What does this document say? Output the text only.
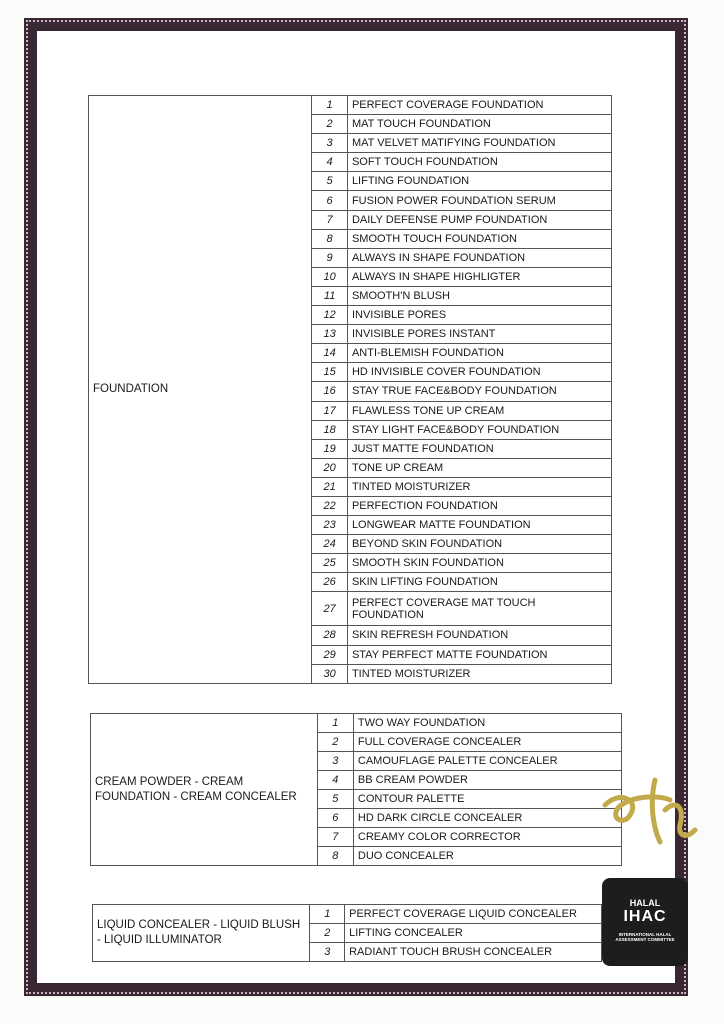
FOUNDATION	1	PERFECT COVERAGE FOUNDATION
	2	MAT TOUCH FOUNDATION
	3	MAT VELVET MATIFYING FOUNDATION
	4	SOFT TOUCH FOUNDATION
	5	LIFTING FOUNDATION
	6	FUSION POWER FOUNDATION SERUM
	7	DAILY DEFENSE PUMP FOUNDATION
	8	SMOOTH TOUCH FOUNDATION
	9	ALWAYS IN SHAPE FOUNDATION
	10	ALWAYS IN SHAPE HIGHLIGTER
	11	SMOOTH'N BLUSH
	12	INVISIBLE PORES
	13	INVISIBLE PORES INSTANT
	14	ANTI-BLEMISH FOUNDATION
	15	HD INVISIBLE COVER FOUNDATION
	16	STAY TRUE FACE&BODY FOUNDATION
	17	FLAWLESS TONE UP CREAM
	18	STAY LIGHT FACE&BODY FOUNDATION
	19	JUST MATTE FOUNDATION
	20	TONE UP CREAM
	21	TINTED MOISTURIZER
	22	PERFECTION FOUNDATION
	23	LONGWEAR MATTE FOUNDATION
	24	BEYOND SKIN FOUNDATION
	25	SMOOTH SKIN FOUNDATION
	26	SKIN LIFTING FOUNDATION
	27	PERFECT COVERAGE MAT TOUCH FOUNDATION
	28	SKIN REFRESH FOUNDATION
	29	STAY PERFECT MATTE FOUNDATION
	30	TINTED MOISTURIZER
CREAM POWDER - CREAM FOUNDATION - CREAM CONCEALER	1	TWO WAY FOUNDATION
	2	FULL COVERAGE CONCEALER
	3	CAMOUFLAGE PALETTE CONCEALER
	4	BB CREAM POWDER
	5	CONTOUR PALETTE
	6	HD DARK CIRCLE CONCEALER
	7	CREAMY COLOR CORRECTOR
	8	DUO CONCEALER
LIQUID CONCEALER - LIQUID BLUSH - LIQUID ILLUMINATOR	1	PERFECT COVERAGE LIQUID CONCEALER
	2	LIFTING CONCEALER
	3	RADIANT TOUCH BRUSH CONCEALER
HALAL
IHAC
INTERNATIONAL HALAL ASSESSMENT COMMITTEE
